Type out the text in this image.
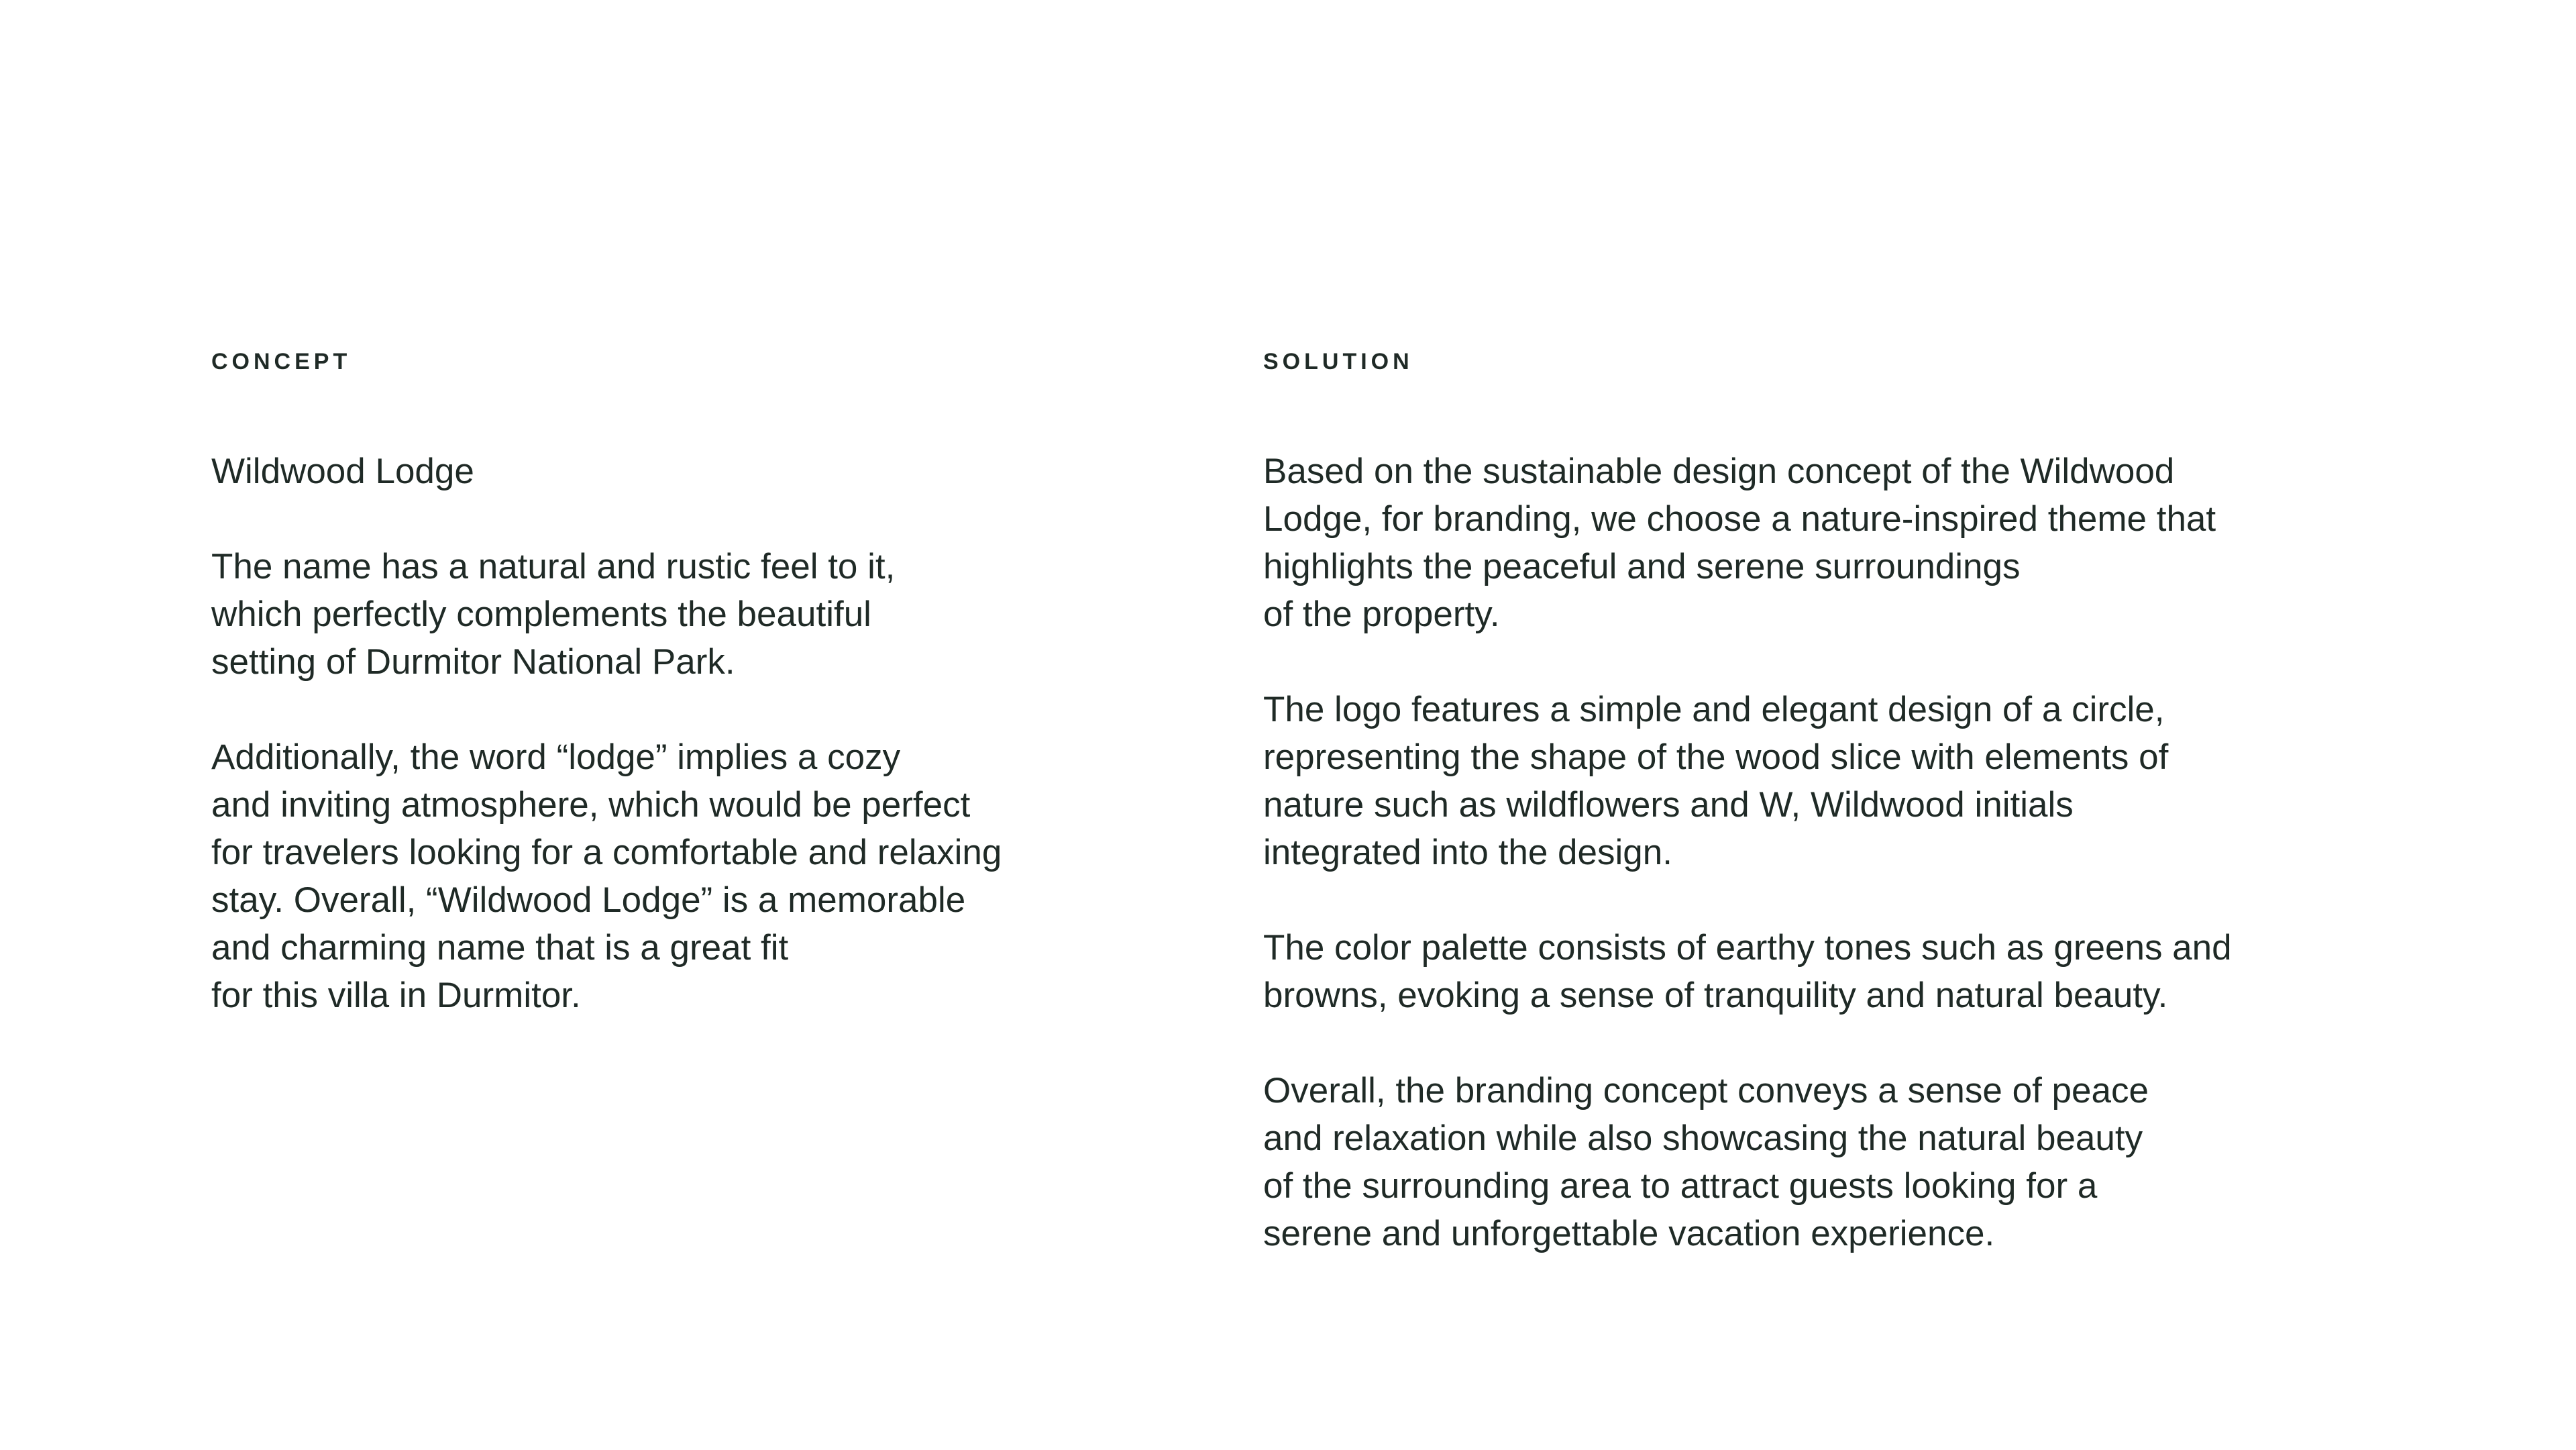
CONCEPT

Wildwood Lodge

The name has a natural and rustic feel to it,
which perfectly complements the beautiful
setting of Durmitor National Park.

Additionally, the word “lodge” implies a cozy
and inviting atmosphere, which would be perfect
for travelers looking for a comfortable and relaxing
stay. Overall, “Wildwood Lodge” is a memorable
and charming name that is a great fit
for this villa in Durmitor.

SOLUTION

Based on the sustainable design concept of the Wildwood
Lodge, for branding, we choose a nature-inspired theme that
highlights the peaceful and serene surroundings
of the property.

The logo features a simple and elegant design of a circle,
representing the shape of the wood slice with elements of
nature such as wildflowers and W, Wildwood initials
integrated into the design.

The color palette consists of earthy tones such as greens and
browns, evoking a sense of tranquility and natural beauty.

Overall, the branding concept conveys a sense of peace
and relaxation while also showcasing the natural beauty
of the surrounding area to attract guests looking for a
serene and unforgettable vacation experience.
